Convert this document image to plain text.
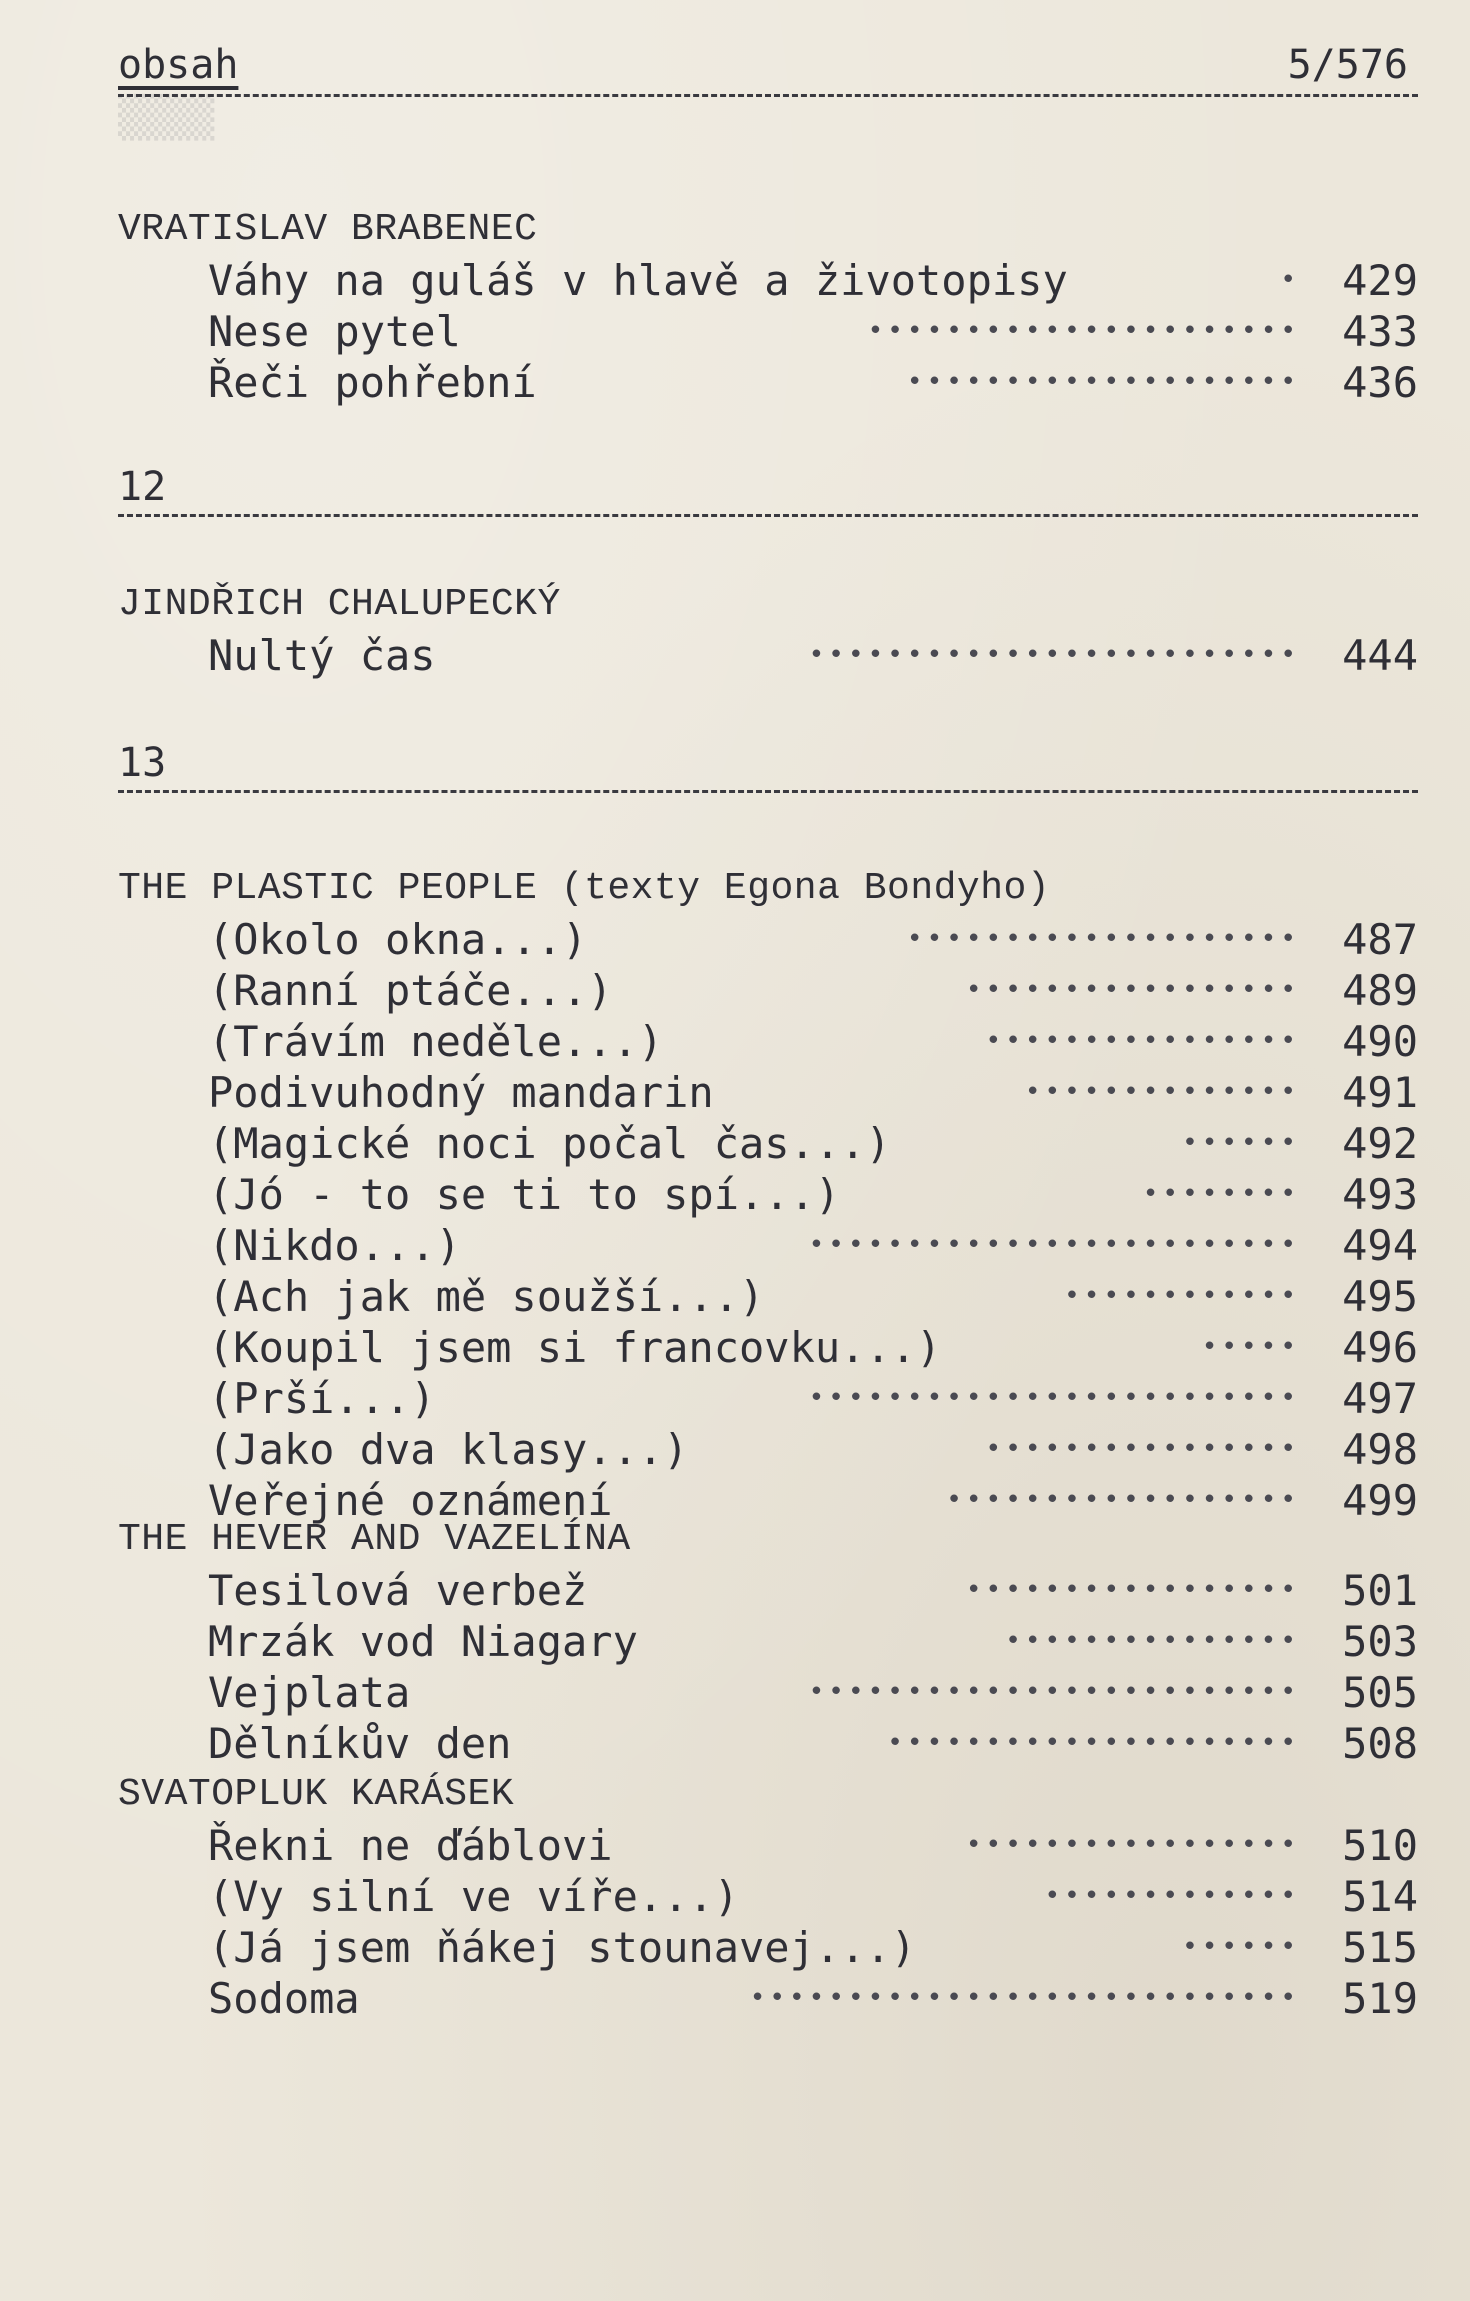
▒▒▒▒
obsah	5/576
VRATISLAV BRABENEC
Váhy na guláš v hlavě a životopisy	•	429
Nese pytel	••••••••••••••••••••••	433
Řeči pohřební	••••••••••••••••••••	436
12
JINDŘICH CHALUPECKÝ
Nultý čas	•••••••••••••••••••••••••	444
13
THE PLASTIC PEOPLE (texty Egona Bondyho)
(Okolo okna...)	••••••••••••••••••••	487
(Ranní ptáče...)	•••••••••••••••••	489
(Trávím neděle...)	••••••••••••••••	490
Podivuhodný mandarin	••••••••••••••	491
(Magické noci počal čas...)	••••••	492
(Jó - to se ti to spí...)	••••••••	493
(Nikdo...)	•••••••••••••••••••••••••	494
(Ach jak mě soužší...)	••••••••••••	495
(Koupil jsem si francovku...)	•••••	496
(Prší...)	•••••••••••••••••••••••••	497
(Jako dva klasy...)	••••••••••••••••	498
Veřejné oznámení	••••••••••••••••••	499
THE HEVER AND VAZELÍNA
Tesilová verbež	•••••••••••••••••	501
Mrzák vod Niagary	•••••••••••••••	503
Vejplata	•••••••••••••••••••••••••	505
Dělníkův den	•••••••••••••••••••••	508
SVATOPLUK KARÁSEK
Řekni ne ďáblovi	•••••••••••••••••	510
(Vy silní ve víře...)	•••••••••••••	514
(Já jsem ňákej stounavej...)	••••••	515
Sodoma	••••••••••••••••••••••••••••	519
